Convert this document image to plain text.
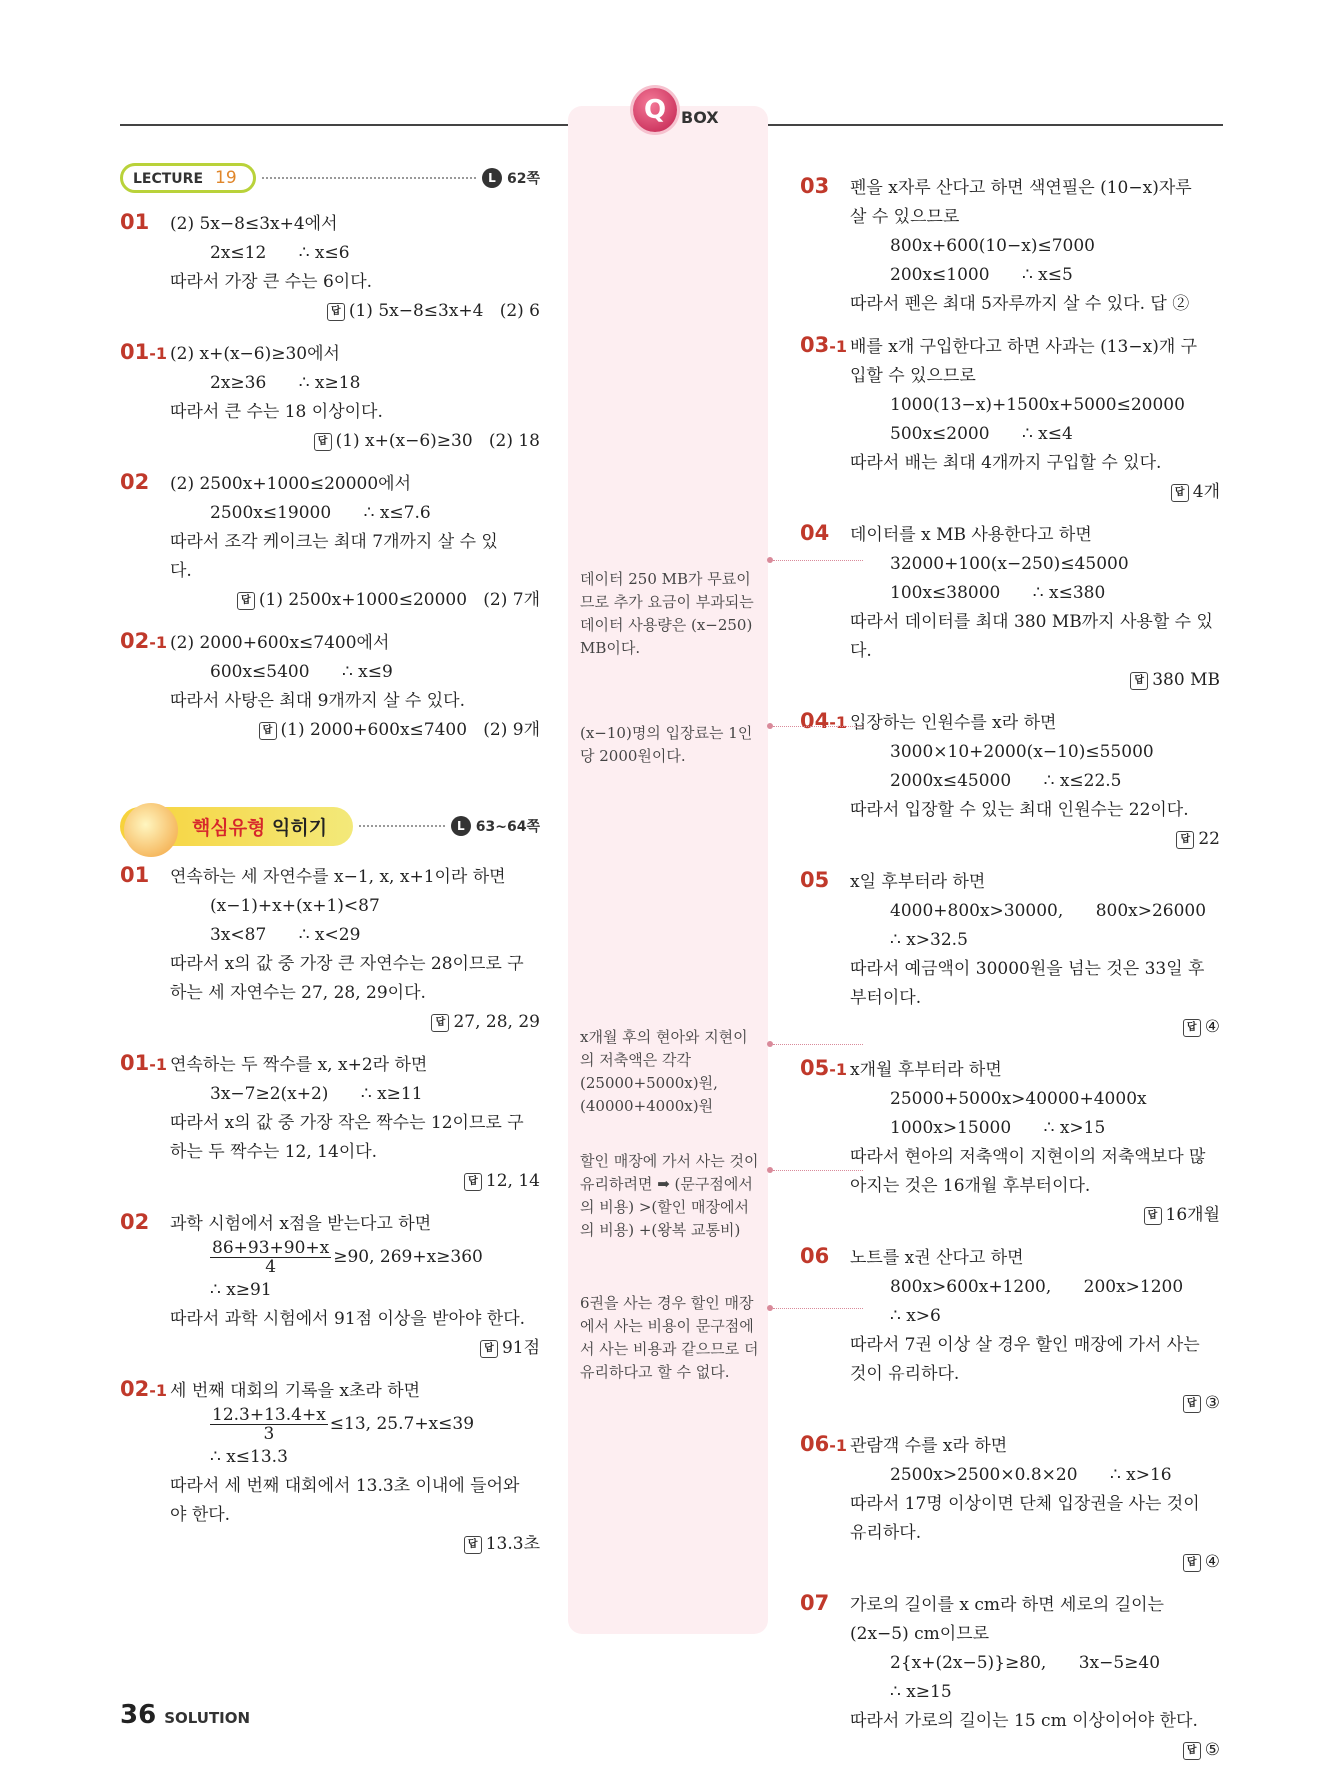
Q BOX
LECTURE 19	L 62쪽
01 (2) 5x−8≤3x+4에서
2x≤12      ∴ x≤6
따라서 가장 큰 수는 6이다.
답 (1) 5x−8≤3x+4   (2) 6
01-1 (2) x+(x−6)≥30에서
2x≥36      ∴ x≥18
따라서 큰 수는 18 이상이다.
답 (1) x+(x−6)≥30   (2) 18
02 (2) 2500x+1000≤20000에서
2500x≤19000      ∴ x≤7.6
따라서 조각 케이크는 최대 7개까지 살 수 있
다.
답 (1) 2500x+1000≤20000   (2) 7개
02-1 (2) 2000+600x≤7400에서
600x≤5400      ∴ x≤9
따라서 사탕은 최대 9개까지 살 수 있다.
답 (1) 2000+600x≤7400   (2) 9개
핵심유형 익히기	L 63~64쪽
01 연속하는 세 자연수를 x−1, x, x+1이라 하면
(x−1)+x+(x+1)<87
3x<87      ∴ x<29
따라서 x의 값 중 가장 큰 자연수는 28이므로 구
하는 세 자연수는 27, 28, 29이다.
답 27, 28, 29
01-1 연속하는 두 짝수를 x, x+2라 하면
3x−7≥2(x+2)      ∴ x≥11
따라서 x의 값 중 가장 작은 짝수는 12이므로 구
하는 두 짝수는 12, 14이다.
답 12, 14
02 과학 시험에서 x점을 받는다고 하면
$\frac{86+93+90+x}{4} \ge 90$, 269+x≥360
∴ x≥91
따라서 과학 시험에서 91점 이상을 받아야 한다.
답 91점
02-1 세 번째 대회의 기록을 x초라 하면
$\frac{12.3+13.4+x}{3} \le 13$, 25.7+x≤39
∴ x≤13.3
따라서 세 번째 대회에서 13.3초 이내에 들어와
야 한다.
답 13.3초
03 펜을 x자루 산다고 하면 색연필은 (10−x)자루
살 수 있으므로
800x+600(10−x)≤7000
200x≤1000      ∴ x≤5
따라서 펜은 최대 5자루까지 살 수 있다. 답 ②
03-1 배를 x개 구입한다고 하면 사과는 (13−x)개 구
입할 수 있으므로
1000(13−x)+1500x+5000≤20000
500x≤2000      ∴ x≤4
따라서 배는 최대 4개까지 구입할 수 있다.
답 4개
04 데이터를 x MB 사용한다고 하면
32000+100(x−250)≤45000
100x≤38000      ∴ x≤380
따라서 데이터를 최대 380 MB까지 사용할 수 있
다.
답 380 MB
04-1 입장하는 인원수를 x라 하면
3000×10+2000(x−10)≤55000
2000x≤45000      ∴ x≤22.5
따라서 입장할 수 있는 최대 인원수는 22이다.
답 22
05 x일 후부터라 하면
4000+800x>30000,      800x>26000
∴ x>32.5
따라서 예금액이 30000원을 넘는 것은 33일 후
부터이다.
답 ④
05-1 x개월 후부터라 하면
25000+5000x>40000+4000x
1000x>15000      ∴ x>15
따라서 현아의 저축액이 지현이의 저축액보다 많
아지는 것은 16개월 후부터이다.
답 16개월
06 노트를 x권 산다고 하면
800x>600x+1200,      200x>1200
∴ x>6
따라서 7권 이상 살 경우 할인 매장에 가서 사는
것이 유리하다.
답 ③
06-1 관람객 수를 x라 하면
2500x>2500×0.8×20      ∴ x>16
따라서 17명 이상이면 단체 입장권을 사는 것이
유리하다.
답 ④
07 가로의 길이를 x cm라 하면 세로의 길이는
(2x−5) cm이므로
2{x+(2x−5)}≥80,      3x−5≥40
∴ x≥15
따라서 가로의 길이는 15 cm 이상이어야 한다.
답 ⑤
데이터 250 MB가 무료이므로 추가 요금이 부과되는 데이터 사용량은 (x−250) MB이다.
(x−10)명의 입장료는 1인당 2000원이다.
x개월 후의 현아와 지현이의 저축액은 각각 (25000+5000x)원, (40000+4000x)원
할인 매장에 가서 사는 것이 유리하려면 ➡ (문구점에서의 비용) >(할인 매장에서의 비용) +(왕복 교통비)
6권을 사는 경우 할인 매장에서 사는 비용이 문구점에서 사는 비용과 같으므로 더 유리하다고 할 수 없다.
36 SOLUTION
